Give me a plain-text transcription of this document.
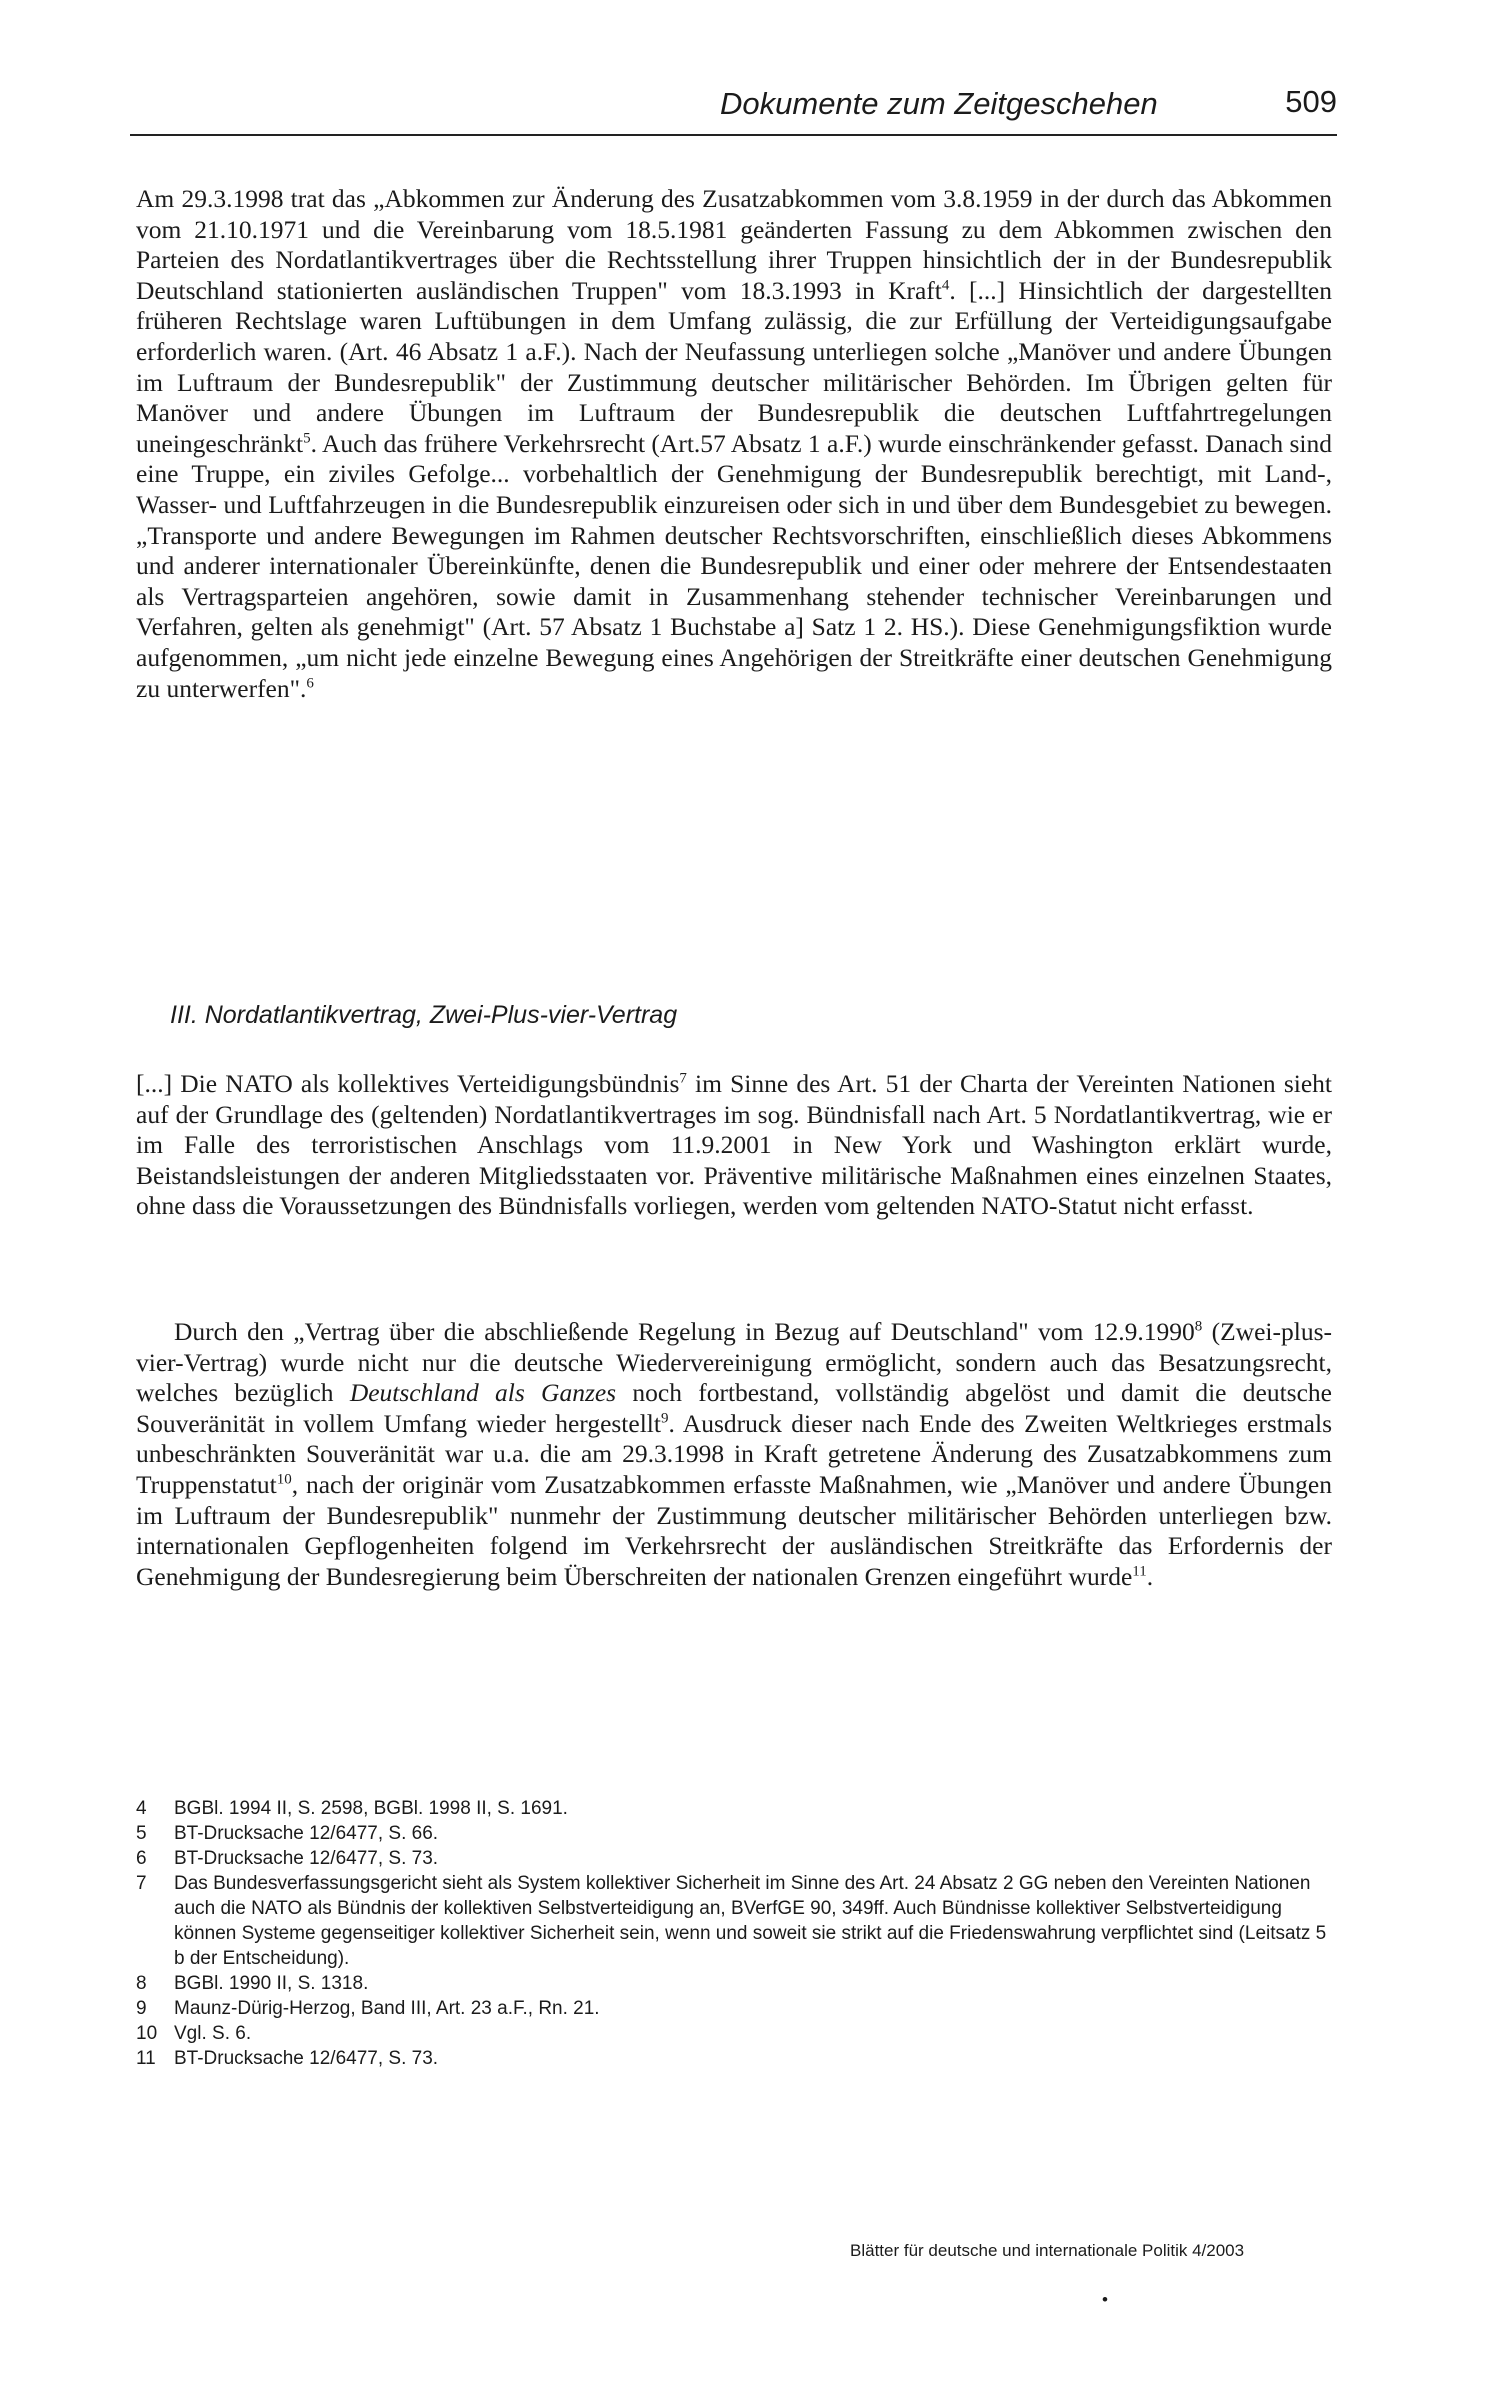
Dokumente zum Zeitgeschehen	509

Am 29.3.1998 trat das „Abkommen zur Änderung des Zusatzabkommen vom 3.8.1959 in der durch das Abkommen vom 21.10.1971 und die Vereinbarung vom 18.5.1981 geänderten Fassung zu dem Abkommen zwischen den Parteien des Nordatlantikvertrages über die Rechtsstellung ihrer Truppen hinsichtlich der in der Bundesrepublik Deutschland stationierten ausländischen Truppen" vom 18.3.1993 in Kraft$^4$. [...] Hinsichtlich der dargestellten früheren Rechtslage waren Luftübungen in dem Umfang zulässig, die zur Erfüllung der Verteidigungsaufgabe erforderlich waren. (Art. 46 Absatz 1 a.F.). Nach der Neufassung unterliegen solche „Manöver und andere Übungen im Luftraum der Bundesrepublik" der Zustimmung deutscher militärischer Behörden. Im Übrigen gelten für Manöver und andere Übungen im Luftraum der Bundesrepublik die deutschen Luftfahrtregelungen uneingeschränkt$^5$. Auch das frühere Verkehrsrecht (Art.57 Absatz 1 a.F.) wurde einschränkender gefasst. Danach sind eine Truppe, ein ziviles Gefolge... vorbehaltlich der Genehmigung der Bundesrepublik berechtigt, mit Land-, Wasser- und Luftfahrzeugen in die Bundesrepublik einzureisen oder sich in und über dem Bundesgebiet zu bewegen. „Transporte und andere Bewegungen im Rahmen deutscher Rechtsvorschriften, einschließlich dieses Abkommens und anderer internationaler Übereinkünfte, denen die Bundesrepublik und einer oder mehrere der Entsendestaaten als Vertragsparteien angehören, sowie damit in Zusammenhang stehender technischer Vereinbarungen und Verfahren, gelten als genehmigt" (Art. 57 Absatz 1 Buchstabe a] Satz 1 2. HS.). Diese Genehmigungsfiktion wurde aufgenommen, „um nicht jede einzelne Bewegung eines Angehörigen der Streitkräfte einer deutschen Genehmigung zu unterwerfen".$^6$

III. Nordatlantikvertrag, Zwei-Plus-vier-Vertrag

[...] Die NATO als kollektives Verteidigungsbündnis$^7$ im Sinne des Art. 51 der Charta der Vereinten Nationen sieht auf der Grundlage des (geltenden) Nordatlantikvertrages im sog. Bündnisfall nach Art. 5 Nordatlantikvertrag, wie er im Falle des terroristischen Anschlags vom 11.9.2001 in New York und Washington erklärt wurde, Beistandsleistungen der anderen Mitgliedsstaaten vor. Präventive militärische Maßnahmen eines einzelnen Staates, ohne dass die Voraussetzungen des Bündnisfalls vorliegen, werden vom geltenden NATO-Statut nicht erfasst.

Durch den „Vertrag über die abschließende Regelung in Bezug auf Deutschland" vom 12.9.1990$^8$ (Zwei-plus-vier-Vertrag) wurde nicht nur die deutsche Wiedervereinigung ermöglicht, sondern auch das Besatzungsrecht, welches bezüglich Deutschland als Ganzes noch fortbestand, vollständig abgelöst und damit die deutsche Souveränität in vollem Umfang wieder hergestellt$^9$. Ausdruck dieser nach Ende des Zweiten Weltkrieges erstmals unbeschränkten Souveränität war u.a. die am 29.3.1998 in Kraft getretene Änderung des Zusatzabkommens zum Truppenstatut$^{10}$, nach der originär vom Zusatzabkommen erfasste Maßnahmen, wie „Manöver und andere Übungen im Luftraum der Bundesrepublik" nunmehr der Zustimmung deutscher militärischer Behörden unterliegen bzw. internationalen Gepflogenheiten folgend im Verkehrsrecht der ausländischen Streitkräfte das Erfordernis der Genehmigung der Bundesregierung beim Überschreiten der nationalen Grenzen eingeführt wurde$^{11}$.

4	BGBl. 1994 II, S. 2598, BGBl. 1998 II, S. 1691.
5	BT-Drucksache 12/6477, S. 66.
6	BT-Drucksache 12/6477, S. 73.
7	Das Bundesverfassungsgericht sieht als System kollektiver Sicherheit im Sinne des Art. 24 Absatz 2 GG neben den Vereinten Nationen auch die NATO als Bündnis der kollektiven Selbstverteidigung an, BVerfGE 90, 349ff. Auch Bündnisse kollektiver Selbstverteidigung können Systeme gegenseitiger kollektiver Sicherheit sein, wenn und soweit sie strikt auf die Friedenswahrung verpflichtet sind (Leitsatz 5 b der Entscheidung).
8	BGBl. 1990 II, S. 1318.
9	Maunz-Dürig-Herzog, Band III, Art. 23 a.F., Rn. 21.
10 Vgl. S. 6.
11 BT-Drucksache 12/6477, S. 73.
Blätter für deutsche und internationale Politik 4/2003
•
